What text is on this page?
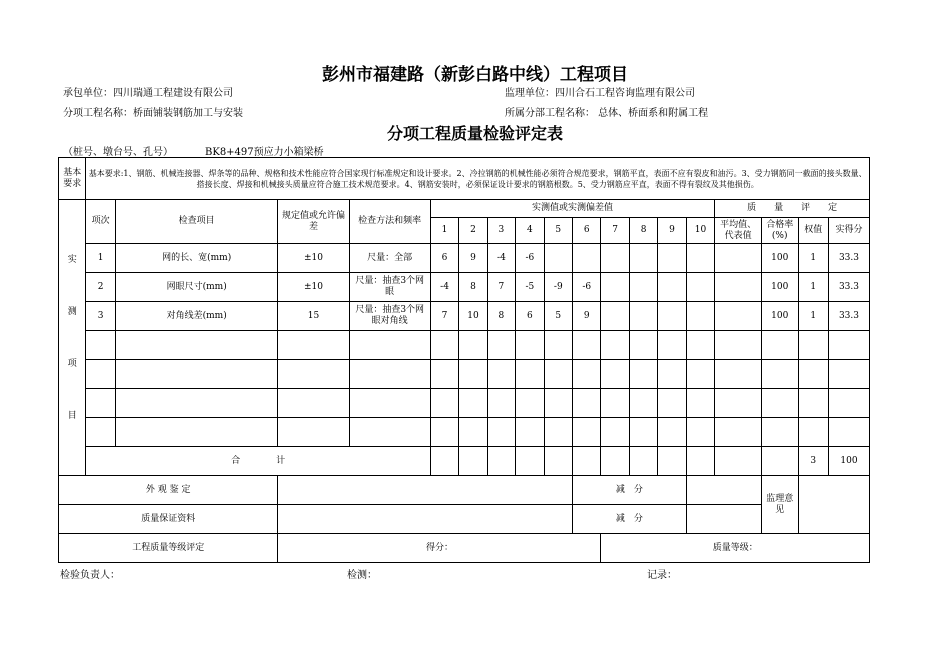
彭州市福建路（新彭白路中线）工程项目
承包单位：四川瑞通工程建设有限公司	监理单位：四川合石工程咨询监理有限公司
分项工程名称：桥面铺装钢筋加工与安装	所属分部工程名称： 总体、桥面系和附属工程
分项工程质量检验评定表
（桩号、墩台号、孔号）	BK8+497预应力小箱梁桥
基本要求	基本要求:1、钢筋、机械连接器、焊条等的品种、规格和技术性能应符合国家现行标准规定和设计要求。2、冷拉钢筋的机械性能必须符合规范要求，钢筋平直，表面不应有裂皮和油污。3、受力钢筋同一截面的接头数量、搭接长度、焊接和机械接头质量应符合施工技术规范要求。4、钢筋安装时，必须保证设计要求的钢筋根数。5、受力钢筋应平直，表面不得有裂纹及其他损伤。																	

实
测
项
目	项次	检查项目	规定值或允许偏差	检查方法和频率	实测值或实测偏差值										质　　量　　评　　定			
					1	2	3	4	5	6	7	8	9	10	平均值、代表值	合格率(%)	权值	实得分
	1	网的长、宽(mm)	±10	尺量：全部	6	9	-4	-6								100	1	33.3
	2	网眼尺寸(mm)	±10	尺量：抽查3个网眼	-4	8	7	-5	-9	-6						100	1	33.3
	3	对角线差(mm)	15	尺量：抽查3个网眼对角线	7	10	8	6	5	9						100	1	33.3

	合　　　　计																3	100
外 观 鉴 定										减　分						监理意见		
质量保证资料										减　分								
工程质量等级评定			得分：								质量等级：							
检验负责人：	检测：	记录：
